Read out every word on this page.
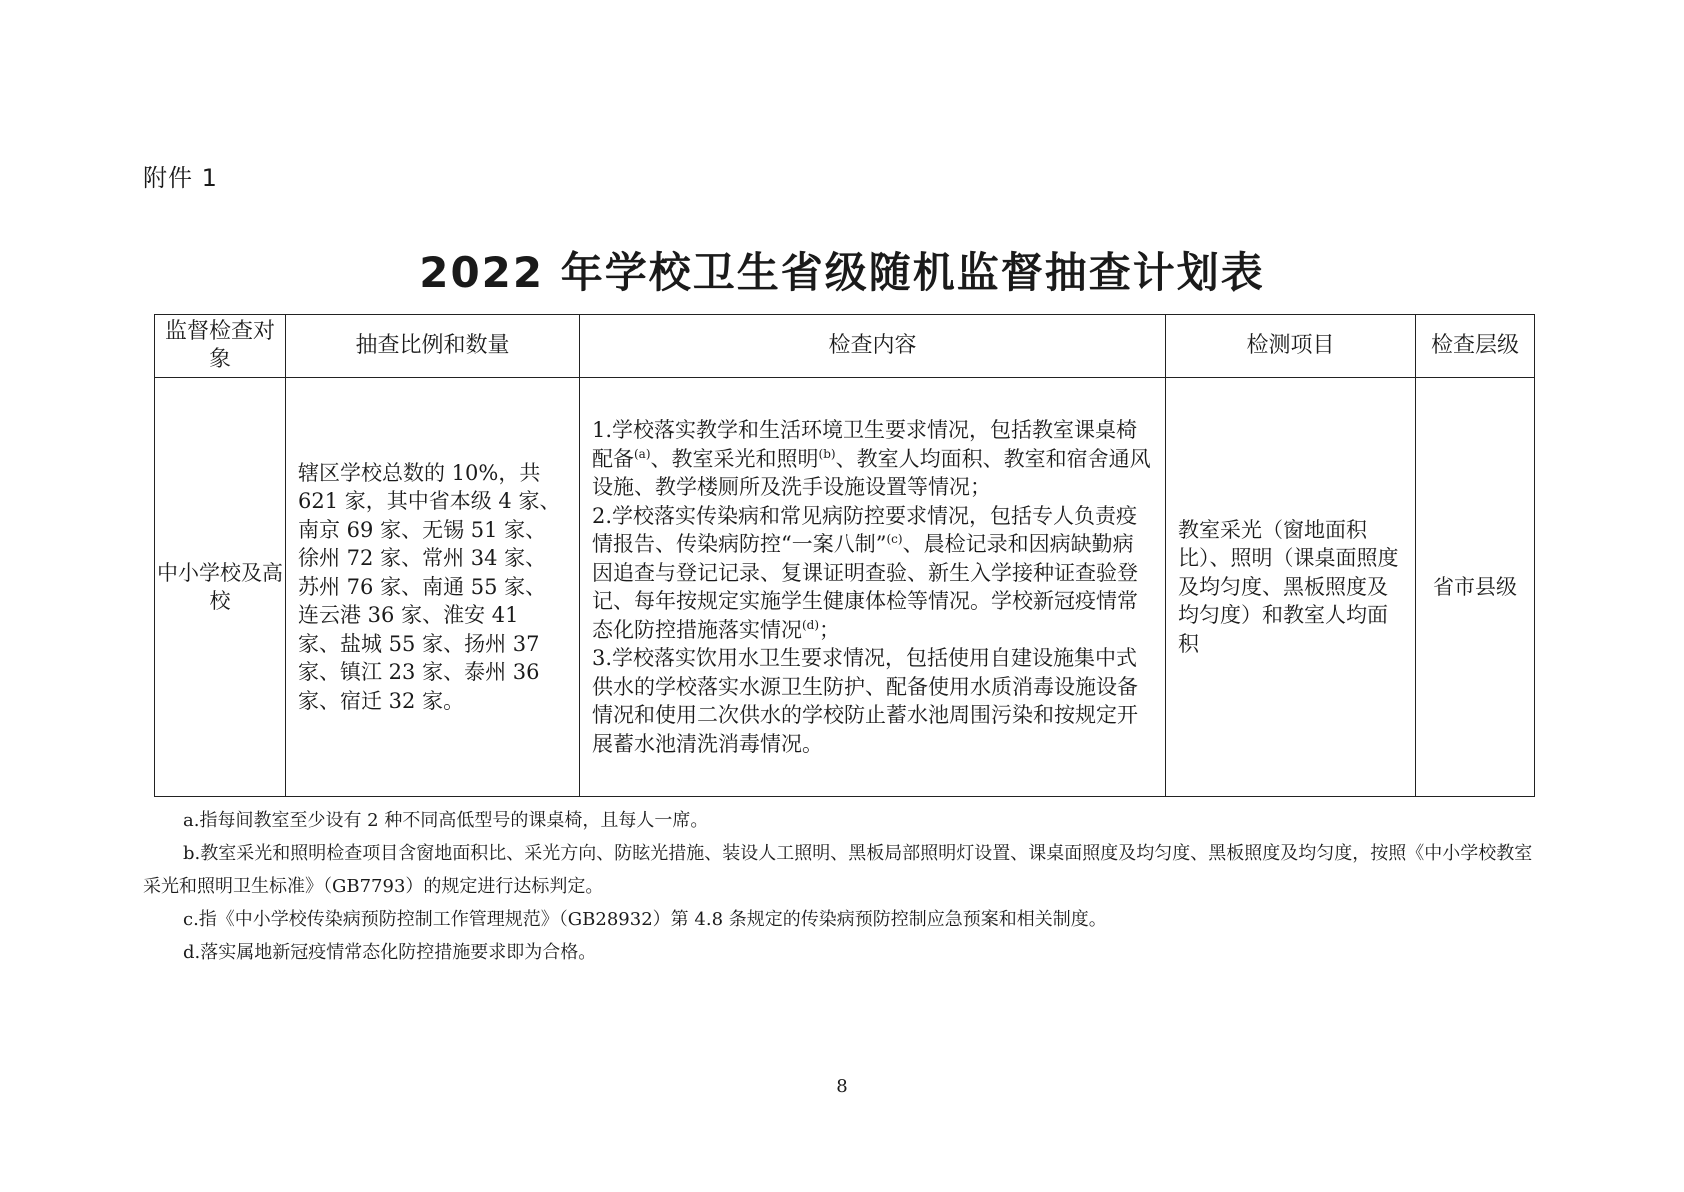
附件 1
2022 年学校卫生省级随机监督抽查计划表
监督检查对象	抽查比例和数量	检查内容	检测项目	检查层级
中小学校及高校	辖区学校总数的 10%，共 621 家，其中省本级 4 家、南京 69 家、无锡 51 家、徐州 72 家、常州 34 家、苏州 76 家、南通 55 家、连云港 36 家、淮安 41 家、盐城 55 家、扬州 37 家、镇江 23 家、泰州 36 家、宿迁 32 家。	1.学校落实教学和生活环境卫生要求情况，包括教室课桌椅配备$^{(a)}$、教室采光和照明$^{(b)}$、教室人均面积、教室和宿舍通风设施、教学楼厕所及洗手设施设置等情况；

2.学校落实传染病和常见病防控要求情况，包括专人负责疫情报告、传染病防控“一案八制”$^{(c)}$、晨检记录和因病缺勤病因追查与登记记录、复课证明查验、新生入学接种证查验登记、每年按规定实施学生健康体检等情况。学校新冠疫情常态化防控措施落实情况$^{(d)}$；

3.学校落实饮用水卫生要求情况，包括使用自建设施集中式供水的学校落实水源卫生防护、配备使用水质消毒设施设备情况和使用二次供水的学校防止蓄水池周围污染和按规定开展蓄水池清洗消毒情况。	教室采光（窗地面积比）、照明（课桌面照度及均匀度、黑板照度及均匀度）和教室人均面积	省市县级

a.指每间教室至少设有 2 种不同高低型号的课桌椅，且每人一席。

b.教室采光和照明检查项目含窗地面积比、采光方向、防眩光措施、装设人工照明、黑板局部照明灯设置、课桌面照度及均匀度、黑板照度及均匀度，按照《中小学校教室采光和照明卫生标准》（GB7793）的规定进行达标判定。

c.指《中小学校传染病预防控制工作管理规范》（GB28932）第 4.8 条规定的传染病预防控制应急预案和相关制度。

d.落实属地新冠疫情常态化防控措施要求即为合格。

8
